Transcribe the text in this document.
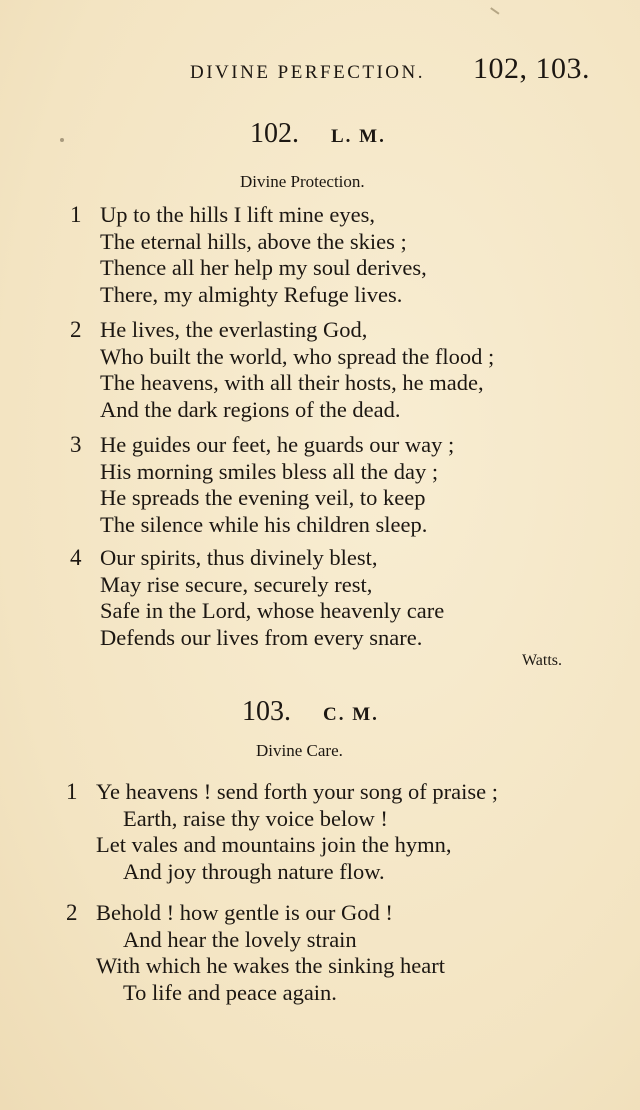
DIVINE PERFECTION. 102, 103.
102. L. M.
Divine Protection.
1 Up to the hills I lift mine eyes,
The eternal hills, above the skies ;
Thence all her help my soul derives,
There, my almighty Refuge lives.
2 He lives, the everlasting God,
Who built the world, who spread the flood ;
The heavens, with all their hosts, he made,
And the dark regions of the dead.
3 He guides our feet, he guards our way ;
His morning smiles bless all the day ;
He spreads the evening veil, to keep
The silence while his children sleep.
4 Our spirits, thus divinely blest,
May rise secure, securely rest,
Safe in the Lord, whose heavenly care
Defends our lives from every snare.
Watts.
103. C. M.
Divine Care.
1 Ye heavens ! send forth your song of praise ;
Earth, raise thy voice below !
Let vales and mountains join the hymn,
And joy through nature flow.
2 Behold ! how gentle is our God !
And hear the lovely strain
With which he wakes the sinking heart
To life and peace again.
